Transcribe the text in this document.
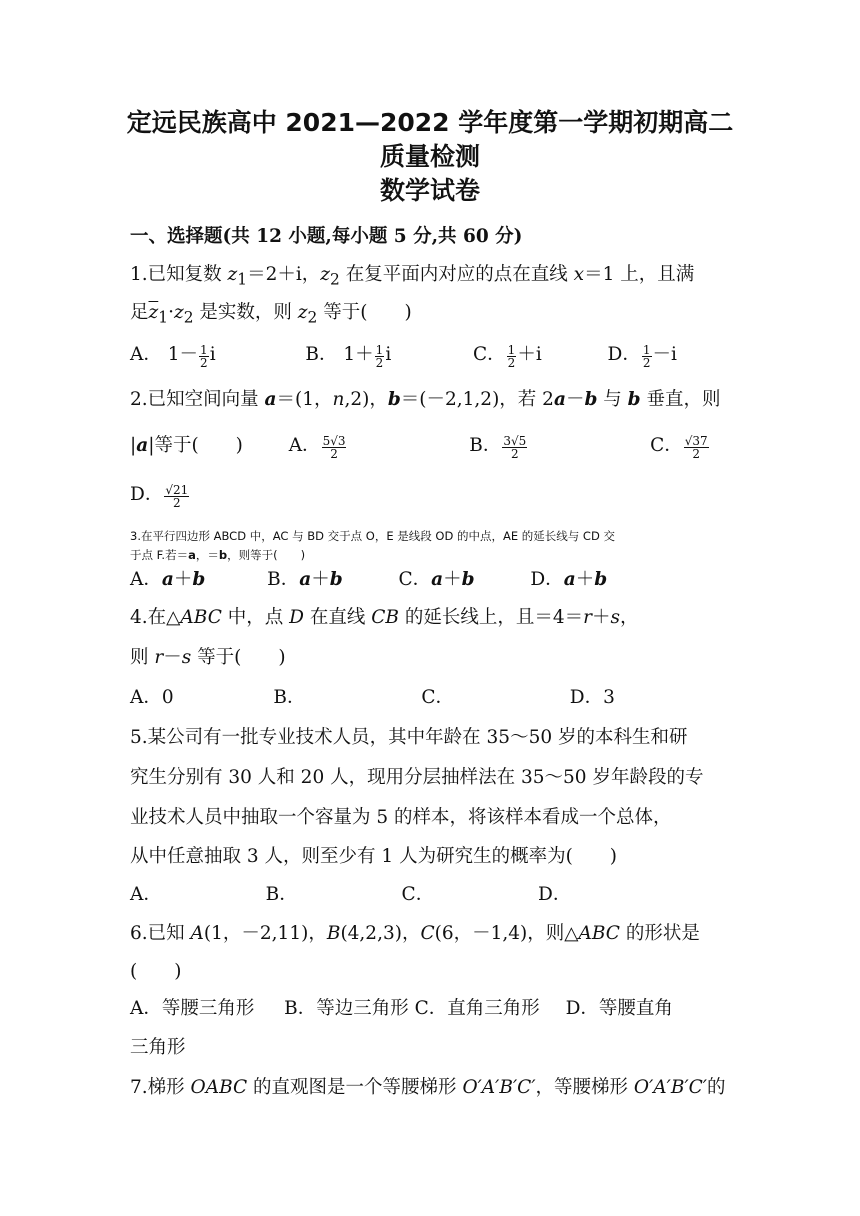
定远民族高中 2021—2022 学年度第一学期初期高二
质量检测
数学试卷
一、选择题(共 12 小题,每小题 5 分,共 60 分)
1.已知复数 $z_1=2+i$，$z_2$ 在复平面内对应的点在直线 x＝1 上，且满
足$\overline{z}_1\cdot z_2$ 是实数，则 $z_2$ 等于(　　)
A． $1- \frac{1}{2}$ i	B． $1+ \frac{1}{2}$ i	C． $\frac{1}{2} +i$	D． $\frac{1}{2} -i$
2.已知空间向量 a＝(1，n,2)，b＝(－2,1,2)，若 2a－b 与 b 垂直，则
|a|等于(　　) A． $\frac{5√3}{2}$	B． $\frac{3√5}{2}$	C． $\frac{√37}{2}$
D． $\frac{√21}{2}$
3.在平行四边形 ABCD 中，AC 与 BD 交于点 O，E 是线段 OD 的中点，AE 的延长线与 CD 交
于点 F.若＝a，＝b，则等于(　　)
A．a＋b	B．a＋b	C．a＋b	D．a＋b
4.在△ABC 中，点 D 在直线 CB 的延长线上，且＝4＝r＋s，
则 r－s 等于(　　)
A．0	B．	C．	D．3
5.某公司有一批专业技术人员，其中年龄在 35～50 岁的本科生和研
究生分别有 30 人和 20 人，现用分层抽样法在 35～50 岁年龄段的专
业技术人员中抽取一个容量为 5 的样本，将该样本看成一个总体，
从中任意抽取 3 人，则至少有 1 人为研究生的概率为(　　)
A．	B．	C．	D．
6.已知 A(1，－2,11)，B(4,2,3)，C(6，－1,4)，则△ABC 的形状是
(　　)
A．等腰三角形 B．等边三角形 C．直角三角形 D．等腰直角
三角形
7.梯形 OABC 的直观图是一个等腰梯形 O′A′B′C′，等腰梯形 O′A′B′C′的
